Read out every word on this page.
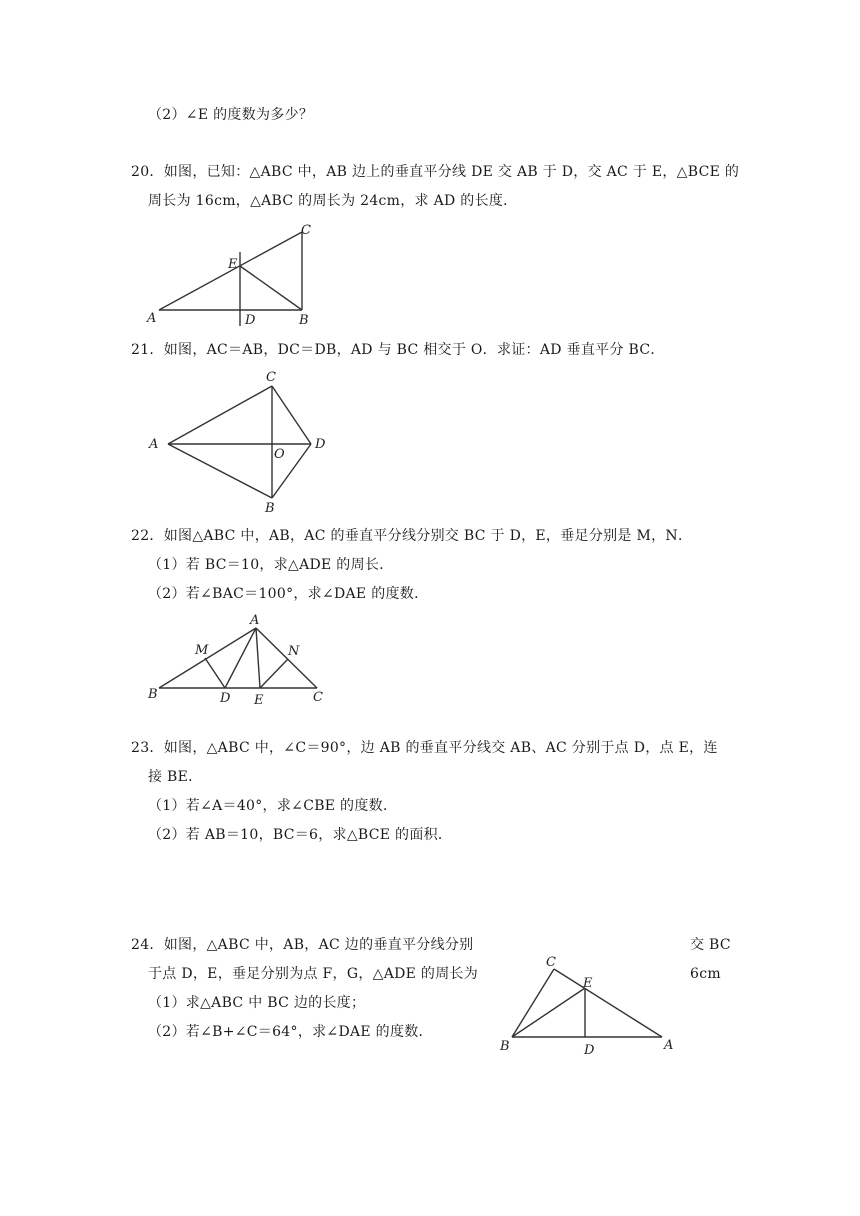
（2）∠E 的度数为多少？
20．如图，已知：△ABC 中，AB 边上的垂直平分线 DE 交 AB 于 D，交 AC 于 E，△BCE 的
周长为 16cm，△ABC 的周长为 24cm，求 AD 的长度．
A	B
C
D
E
21．如图，AC＝AB，DC＝DB，AD 与 BC 相交于 O．求证：AD 垂直平分 BC．
A
B
C
D
O
22．如图△ABC 中，AB，AC 的垂直平分线分别交 BC 于 D，E，垂足分别是 M，N．
（1）若 BC＝10，求△ADE 的周长．
（2）若∠BAC＝100°，求∠DAE 的度数．
A
B	C
D E
M	N
23．如图，△ABC 中，∠C＝90°，边 AB 的垂直平分线交 AB、AC 分别于点 D，点 E，连
接 BE．
（1）若∠A＝40°，求∠CBE 的度数．
（2）若 AB＝10，BC＝6，求△BCE 的面积．
24．如图，△ABC 中，AB，AC 边的垂直平分线分别	交 BC
于点 D，E，垂足分别为点 F，G，△ADE 的周长为	6cm
（1）求△ABC 中 BC 边的长度；
（2）若∠B+∠C＝64°，求∠DAE 的度数．
B
C
E
D	A
